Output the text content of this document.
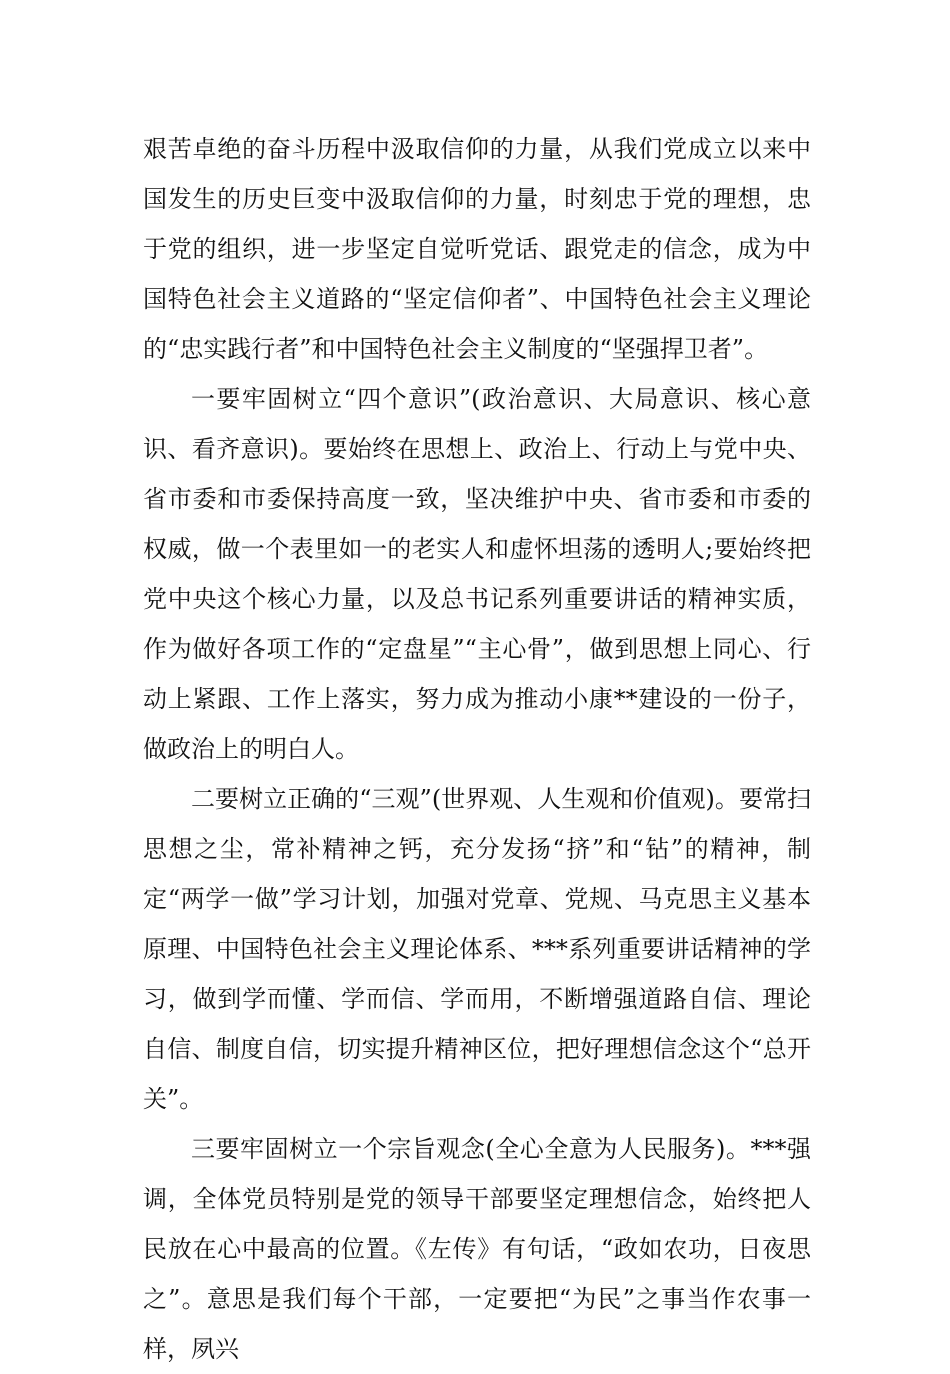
艰苦卓绝的奋斗历程中汲取信仰的力量，从我们党成立以来中国发生的历史巨变中汲取信仰的力量，时刻忠于党的理想，忠于党的组织，进一步坚定自觉听党话、跟党走的信念，成为中国特色社会主义道路的“坚定信仰者”、中国特色社会主义理论的“忠实践行者”和中国特色社会主义制度的“坚强捍卫者”。

一要牢固树立“四个意识”(政治意识、大局意识、核心意识、看齐意识)。要始终在思想上、政治上、行动上与党中央、省市委和市委保持高度一致，坚决维护中央、省市委和市委的权威，做一个表里如一的老实人和虚怀坦荡的透明人;要始终把党中央这个核心力量，以及总书记系列重要讲话的精神实质，作为做好各项工作的“定盘星”“主心骨”，做到思想上同心、行动上紧跟、工作上落实，努力成为推动小康**建设的一份子，做政治上的明白人。

二要树立正确的“三观”(世界观、人生观和价值观)。要常扫思想之尘，常补精神之钙，充分发扬“挤”和“钻”的精神，制定“两学一做”学习计划，加强对党章、党规、马克思主义基本原理、中国特色社会主义理论体系、***系列重要讲话精神的学习，做到学而懂、学而信、学而用，不断增强道路自信、理论自信、制度自信，切实提升精神区位，把好理想信念这个“总开关”。

三要牢固树立一个宗旨观念(全心全意为人民服务)。***强调，全体党员特别是党的领导干部要坚定理想信念，始终把人民放在心中最高的位置。《左传》有句话，“政如农功，日夜思之”。意思是我们每个干部，一定要把“为民”之事当作农事一样，夙兴
